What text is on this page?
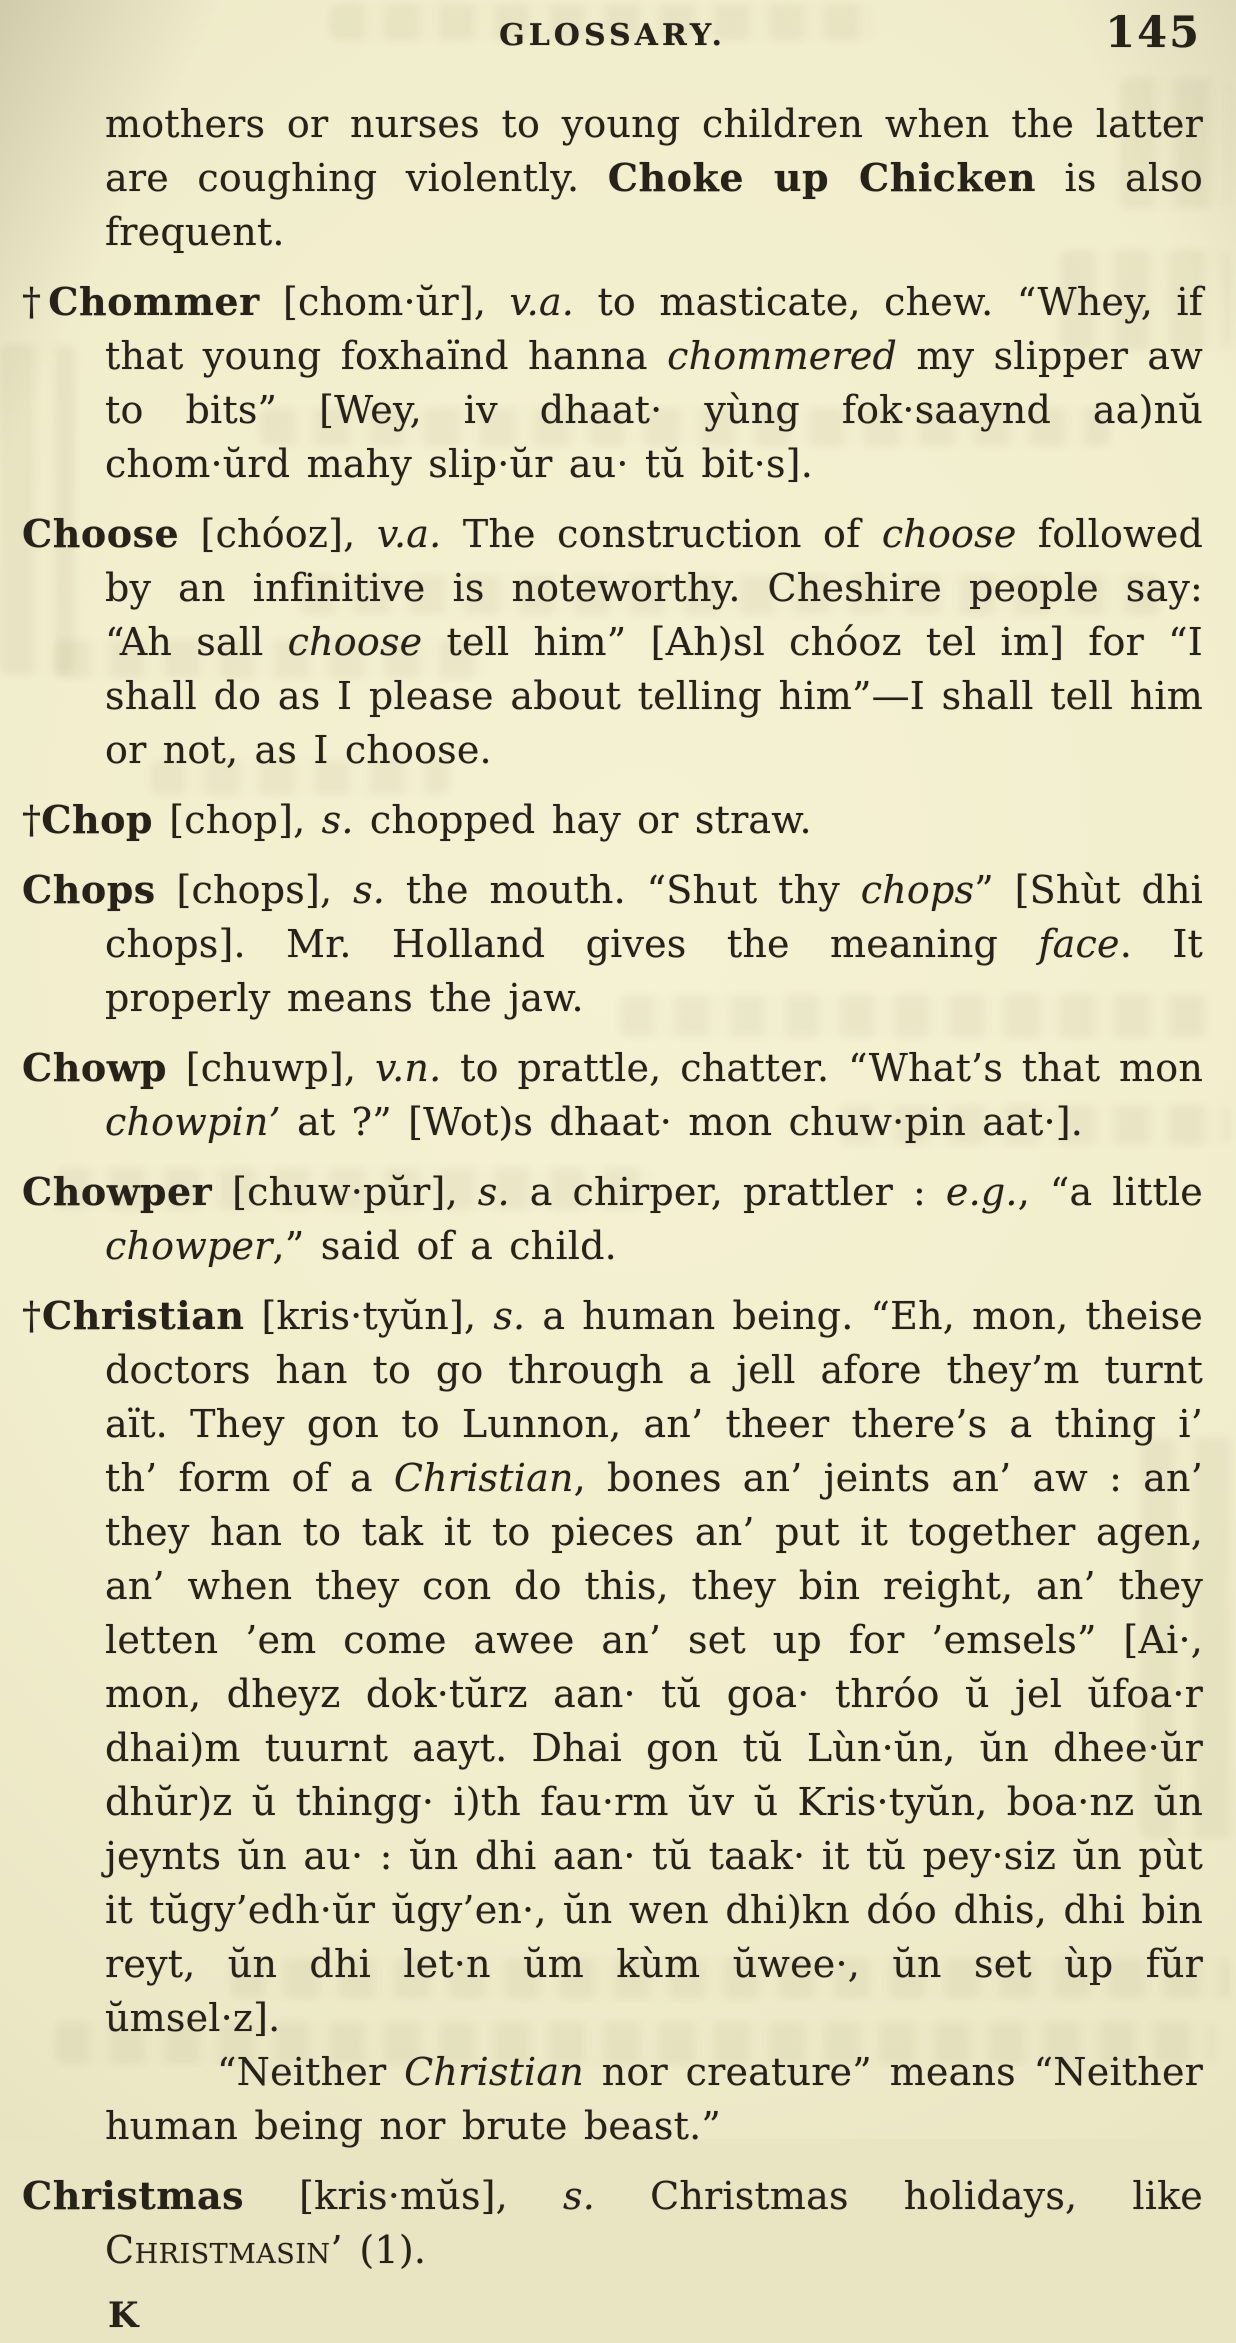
GLOSSARY.	145

mothers or nurses to young children when the latter are coughing violently. Choke up Chicken is also frequent.

†Chommer [chom·ŭr], v.a. to masticate, chew. “Whey, if that young foxhaïnd hanna chommered my slipper aw to bits” [Wey, iv dhaat· yùng fok·saaynd aa)nŭ chom·ŭrd mahy slip·ŭr au· tŭ bit·s].

Choose [chóoz], v.a. The construction of choose followed by an infinitive is noteworthy. Cheshire people say: “Ah sall choose tell him” [Ah)sl chóoz tel im] for “I shall do as I please about telling him”—I shall tell him or not, as I choose.

†Chop [chop], s. chopped hay or straw.

Chops [chops], s. the mouth. “Shut thy chops” [Shùt dhi chops]. Mr. Holland gives the meaning face. It properly means the jaw.

Chowp [chuwp], v.n. to prattle, chatter. “What’s that mon chowpin’ at ?” [Wot)s dhaat· mon chuw·pin aat·].

Chowper [chuw·pŭr], s. a chirper, prattler : e.g., “a little chowper,” said of a child.

†Christian [kris·tyŭn], s. a human being. “Eh, mon, theise doctors han to go through a jell afore they’m turnt aït. They gon to Lunnon, an’ theer there’s a thing i’ th’ form of a Christian, bones an’ jeints an’ aw : an’ they han to tak it to pieces an’ put it together agen, an’ when they con do this, they bin reight, an’ they letten ’em come awee an’ set up for ’emsels” [Ai·, mon, dheyz dok·tŭrz aan· tŭ goa· thróo ŭ jel ŭfoa·r dhai)m tuurnt aayt. Dhai gon tŭ Lùn·ŭn, ŭn dhee·ŭr dhŭr)z ŭ thingg· i)th fau·rm ŭv ŭ Kris·tyŭn, boa·nz ŭn jeynts ŭn au· : ŭn dhi aan· tŭ taak· it tŭ pey·siz ŭn pùt it tŭgy’edh·ŭr ŭgy’en·, ŭn wen dhi)kn dóo dhis, dhi bin reyt, ŭn dhi let·n ŭm kùm ŭwee·, ŭn set ùp fŭr ŭmsel·z].

“Neither Christian nor creature” means “Neither human being nor brute beast.”

Christmas [kris·mŭs], s. Christmas holidays, like Christmasin’ (1).

K
